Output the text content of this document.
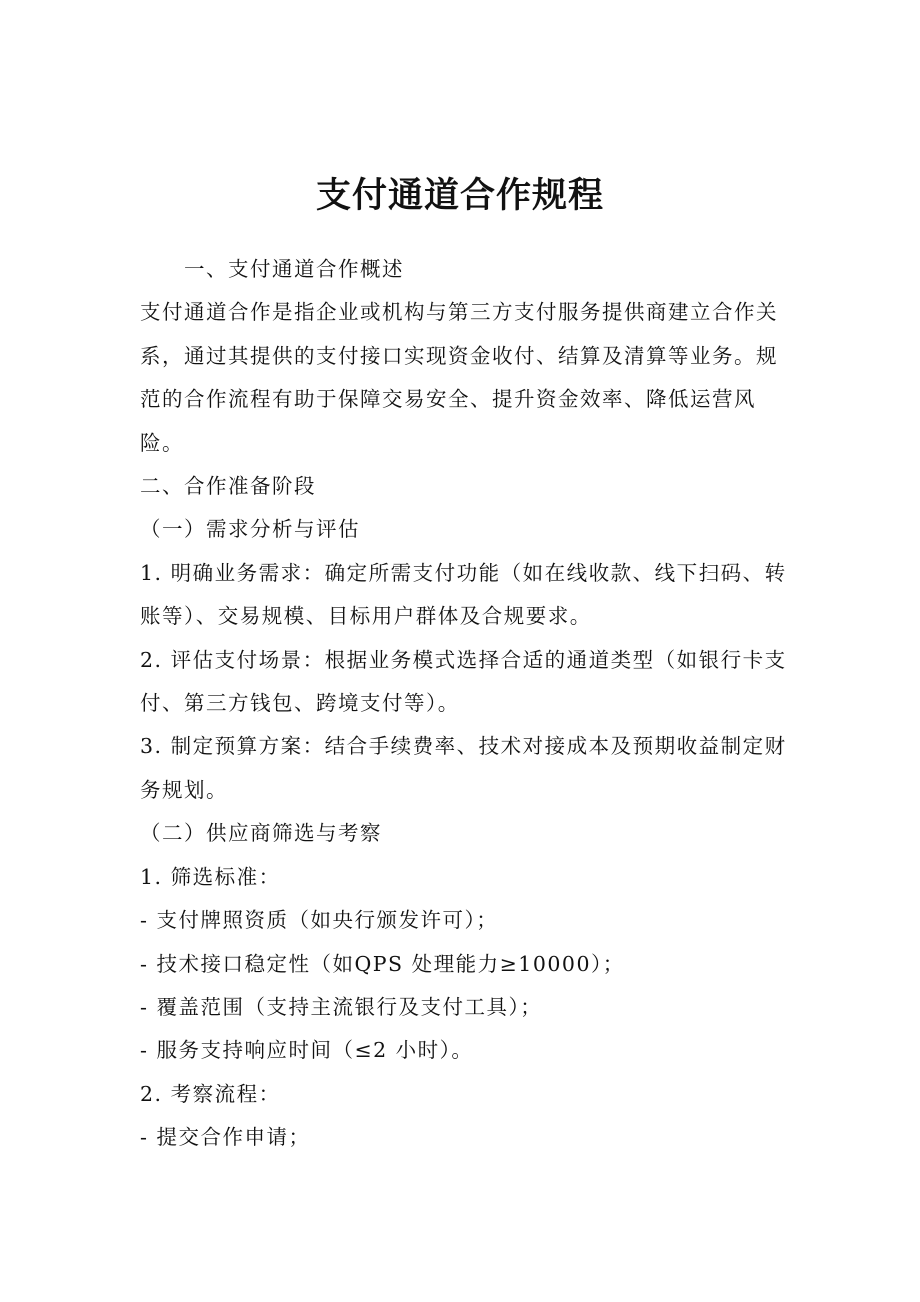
支付通道合作规程

一、支付通道合作概述

支付通道合作是指企业或机构与第三方支付服务提供商建立合作关

系，通过其提供的支付接口实现资金收付、结算及清算等业务。规

范的合作流程有助于保障交易安全、提升资金效率、降低运营风

险。

二、合作准备阶段

（一）需求分析与评估

1. 明确业务需求：确定所需支付功能（如在线收款、线下扫码、转

账等）、交易规模、目标用户群体及合规要求。

2. 评估支付场景：根据业务模式选择合适的通道类型（如银行卡支

付、第三方钱包、跨境支付等）。

3. 制定预算方案：结合手续费率、技术对接成本及预期收益制定财

务规划。

（二）供应商筛选与考察

1. 筛选标准：

- 支付牌照资质（如央行颁发许可）；

- 技术接口稳定性（如QPS 处理能力≥10000）；

- 覆盖范围（支持主流银行及支付工具）；

- 服务支持响应时间（≤2 小时）。

2. 考察流程：

- 提交合作申请；
